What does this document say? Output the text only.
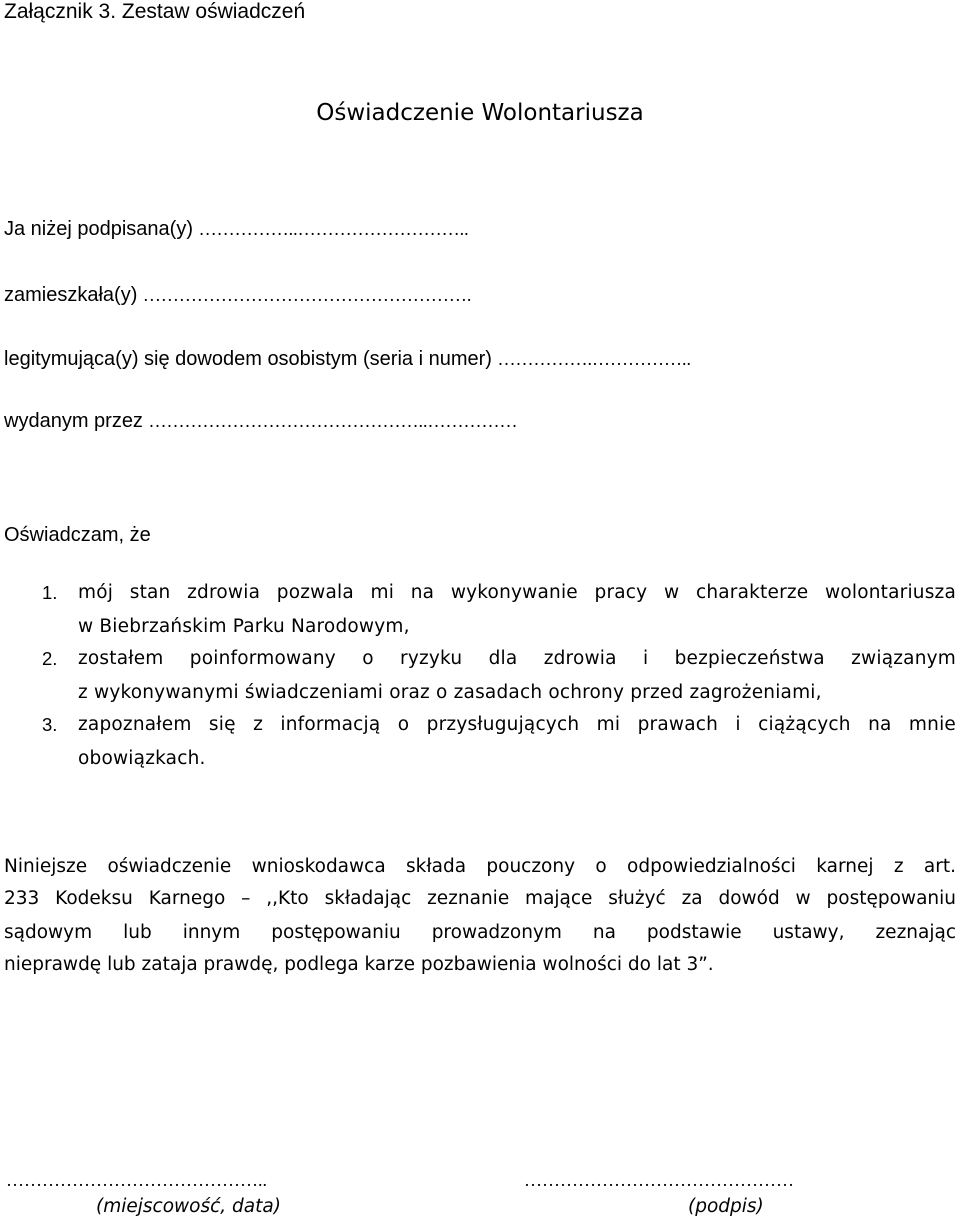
Załącznik 3. Zestaw oświadczeń
Oświadczenie Wolontariusza
Ja niżej podpisana(y) ……………..………………………..
zamieszkała(y) ……………………………………………….
legitymująca(y) się dowodem osobistym (seria i numer) …………….……………..
wydanym przez ………………………………………..……………
Oświadczam, że
1. mój stan zdrowia pozwala mi na wykonywanie pracy w charakterze wolontariusza
w Biebrzańskim Parku Narodowym,
2. zostałem poinformowany o ryzyku dla zdrowia i bezpieczeństwa związanym
z wykonywanymi świadczeniami oraz o zasadach ochrony przed zagrożeniami,
3. zapoznałem się z informacją o przysługujących mi prawach i ciążących na mnie
obowiązkach.
Niniejsze oświadczenie wnioskodawca składa pouczony o odpowiedzialności karnej z art.
233 Kodeksu Karnego – ,,Kto składając zeznanie mające służyć za dowód w postępowaniu
sądowym lub innym postępowaniu prowadzonym na podstawie ustawy, zeznając
nieprawdę lub zataja prawdę, podlega karze pozbawienia wolności do lat 3”.
……………………………………..
(miejscowość, data)
………………………………………
(podpis)
